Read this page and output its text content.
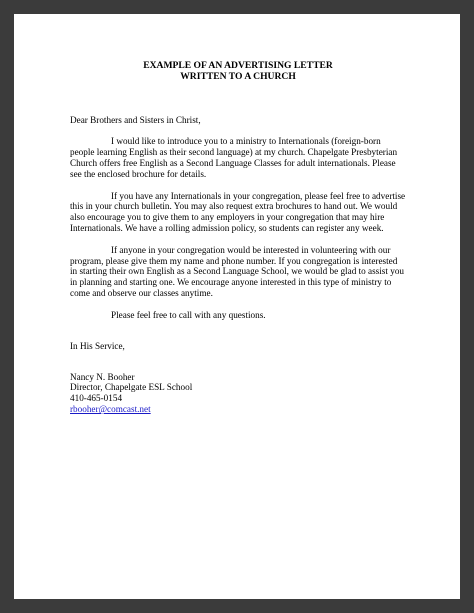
EXAMPLE OF AN ADVERTISING LETTER
WRITTEN TO A CHURCH

Dear Brothers and Sisters in Christ,

I would like to introduce you to a ministry to Internationals (foreign-born people learning English as their second language) at my church. Chapelgate Presbyterian Church offers free English as a Second Language Classes for adult internationals. Please see the enclosed brochure for details.

If you have any Internationals in your congregation, please feel free to advertise this in your church bulletin. You may also request extra brochures to hand out. We would also encourage you to give them to any employers in your congregation that may hire Internationals. We have a rolling admission policy, so students can register any week.

If anyone in your congregation would be interested in volunteering with our program, please give them my name and phone number. If you congregation is interested in starting their own English as a Second Language School, we would be glad to assist you in planning and starting one. We encourage anyone interested in this type of ministry to come and observe our classes anytime.

Please feel free to call with any questions.

In His Service,

Nancy N. Booher
Director, Chapelgate ESL School
410-465-0154
rbooher@comcast.net
